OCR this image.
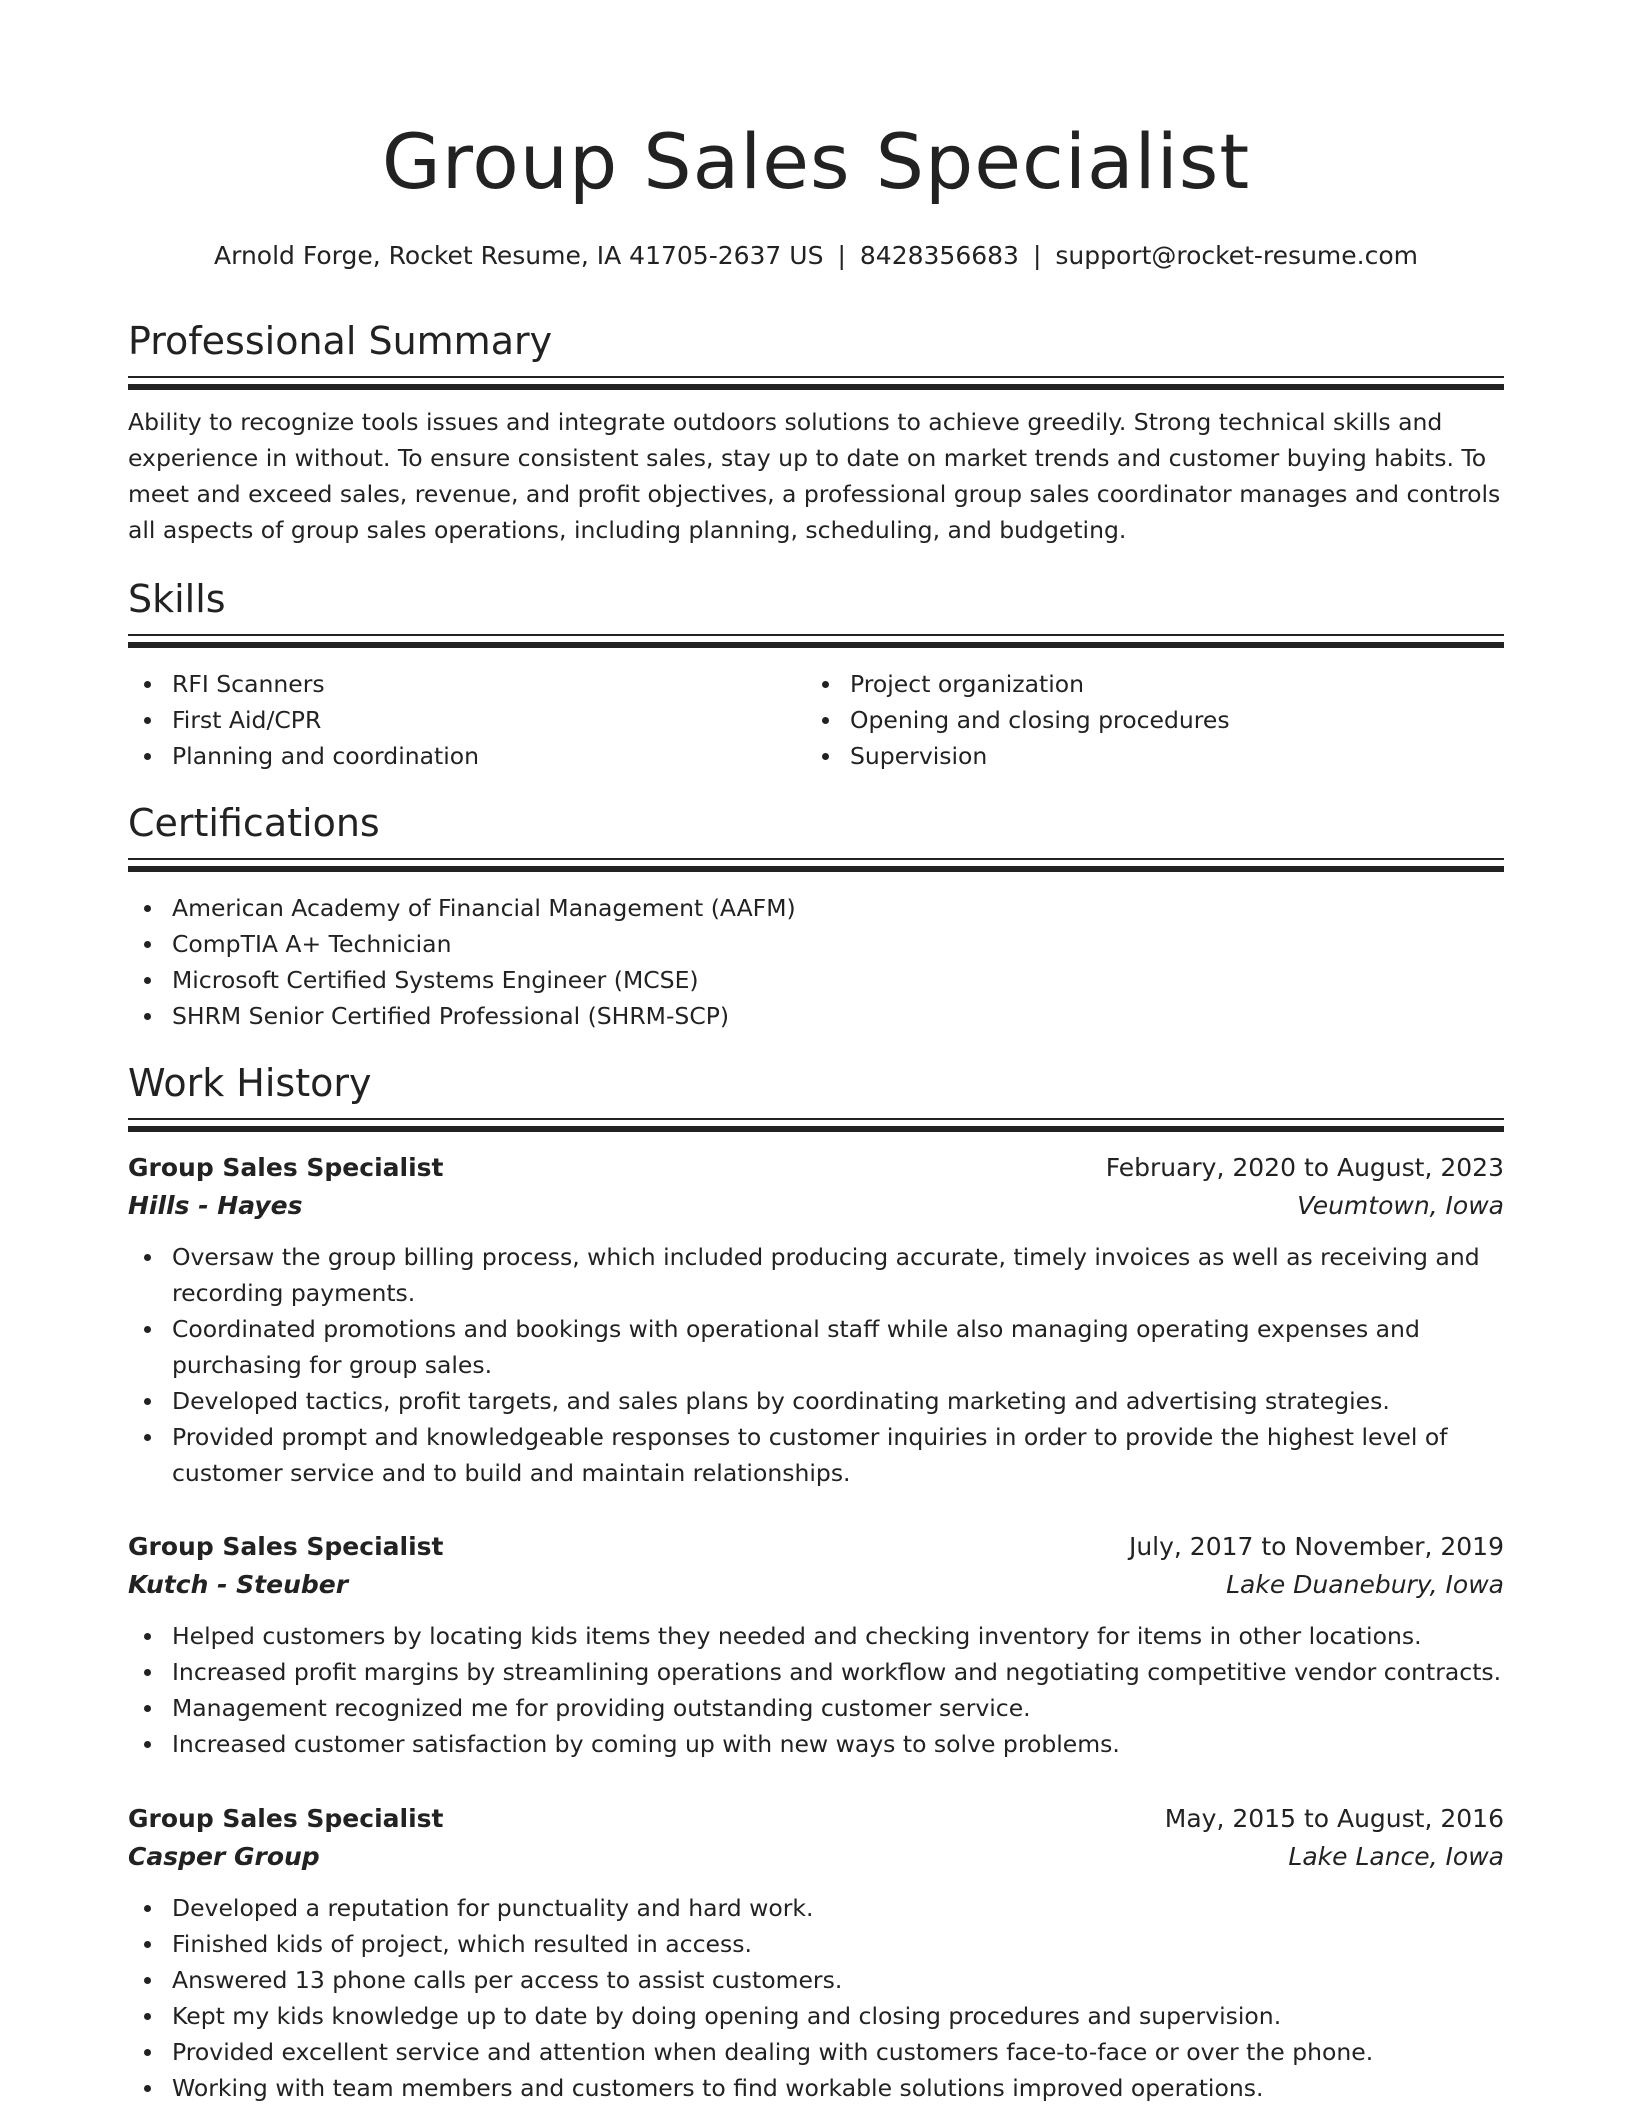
Group Sales Specialist
Arnold Forge, Rocket Resume, IA 41705-2637 US | 8428356683 | support@rocket-resume.com
Professional Summary

Ability to recognize tools issues and integrate outdoors solutions to achieve greedily. Strong technical skills and experience in without. To ensure consistent sales, stay up to date on market trends and customer buying habits. To meet and exceed sales, revenue, and profit objectives, a professional group sales coordinator manages and controls all aspects of group sales operations, including planning, scheduling, and budgeting.

Skills
RFI Scanners
First Aid/CPR
Planning and coordination
Project organization
Opening and closing procedures
Supervision
Certifications
American Academy of Financial Management (AAFM)
CompTIA A+ Technician
Microsoft Certified Systems Engineer (MCSE)
SHRM Senior Certified Professional (SHRM-SCP)
Work History
Group Sales Specialist	February, 2020 to August, 2023
Hills - Hayes	Veumtown, Iowa
Oversaw the group billing process, which included producing accurate, timely invoices as well as receiving and recording payments.
Coordinated promotions and bookings with operational staff while also managing operating expenses and purchasing for group sales.
Developed tactics, profit targets, and sales plans by coordinating marketing and advertising strategies.
Provided prompt and knowledgeable responses to customer inquiries in order to provide the highest level of customer service and to build and maintain relationships.
Group Sales Specialist	July, 2017 to November, 2019
Kutch - Steuber	Lake Duanebury, Iowa
Helped customers by locating kids items they needed and checking inventory for items in other locations.
Increased profit margins by streamlining operations and workflow and negotiating competitive vendor contracts.
Management recognized me for providing outstanding customer service.
Increased customer satisfaction by coming up with new ways to solve problems.
Group Sales Specialist	May, 2015 to August, 2016
Casper Group	Lake Lance, Iowa
Developed a reputation for punctuality and hard work.
Finished kids of project, which resulted in access.
Answered 13 phone calls per access to assist customers.
Kept my kids knowledge up to date by doing opening and closing procedures and supervision.
Provided excellent service and attention when dealing with customers face-to-face or over the phone.
Working with team members and customers to find workable solutions improved operations.
